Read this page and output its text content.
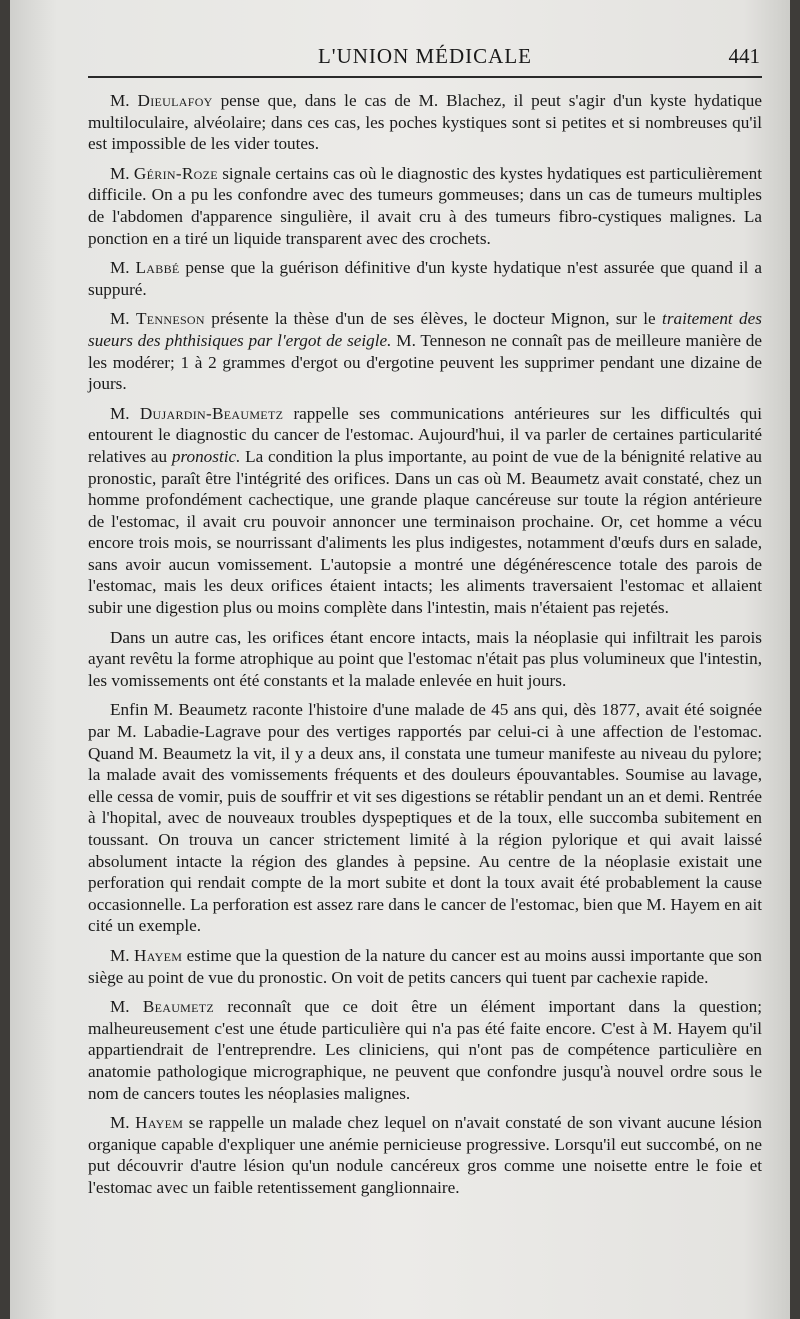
L'UNION MÉDICALE	441

M. Dieulafoy pense que, dans le cas de M. Blachez, il peut s'agir d'un kyste hydatique multiloculaire, alvéolaire; dans ces cas, les poches kystiques sont si petites et si nombreuses qu'il est impossible de les vider toutes.

M. Gérin-Roze signale certains cas où le diagnostic des kystes hydatiques est particulièrement difficile. On a pu les confondre avec des tumeurs gommeuses; dans un cas de tumeurs multiples de l'abdomen d'apparence singulière, il avait cru à des tumeurs fibro-cystiques malignes. La ponction en a tiré un liquide transparent avec des crochets.

M. Labbé pense que la guérison définitive d'un kyste hydatique n'est assurée que quand il a suppuré.

M. Tenneson présente la thèse d'un de ses élèves, le docteur Mignon, sur le traitement des sueurs des phthisiques par l'ergot de seigle. M. Tenneson ne connaît pas de meilleure manière de les modérer; 1 à 2 grammes d'ergot ou d'ergotine peuvent les supprimer pendant une dizaine de jours.

M. Dujardin-Beaumetz rappelle ses communications antérieures sur les difficultés qui entourent le diagnostic du cancer de l'estomac. Aujourd'hui, il va parler de certaines particularité relatives au pronostic. La condition la plus importante, au point de vue de la bénignité relative au pronostic, paraît être l'intégrité des orifices. Dans un cas où M. Beaumetz avait constaté, chez un homme profondément cachectique, une grande plaque cancéreuse sur toute la région antérieure de l'estomac, il avait cru pouvoir annoncer une terminaison prochaine. Or, cet homme a vécu encore trois mois, se nourrissant d'aliments les plus indigestes, notamment d'œufs durs en salade, sans avoir aucun vomissement. L'autopsie a montré une dégénérescence totale des parois de l'estomac, mais les deux orifices étaient intacts; les aliments traversaient l'estomac et allaient subir une digestion plus ou moins complète dans l'intestin, mais n'étaient pas rejetés.

Dans un autre cas, les orifices étant encore intacts, mais la néoplasie qui infiltrait les parois ayant revêtu la forme atrophique au point que l'estomac n'était pas plus volumineux que l'intestin, les vomissements ont été constants et la malade enlevée en huit jours.

Enfin M. Beaumetz raconte l'histoire d'une malade de 45 ans qui, dès 1877, avait été soignée par M. Labadie-Lagrave pour des vertiges rapportés par celui-ci à une affection de l'estomac. Quand M. Beaumetz la vit, il y a deux ans, il constata une tumeur manifeste au niveau du pylore; la malade avait des vomissements fréquents et des douleurs épouvantables. Soumise au lavage, elle cessa de vomir, puis de souffrir et vit ses digestions se rétablir pendant un an et demi. Rentrée à l'hopital, avec de nouveaux troubles dyspeptiques et de la toux, elle succomba subitement en toussant. On trouva un cancer strictement limité à la région pylorique et qui avait laissé absolument intacte la région des glandes à pepsine. Au centre de la néoplasie existait une perforation qui rendait compte de la mort subite et dont la toux avait été probablement la cause occasionnelle. La perforation est assez rare dans le cancer de l'estomac, bien que M. Hayem en ait cité un exemple.

M. Hayem estime que la question de la nature du cancer est au moins aussi importante que son siège au point de vue du pronostic. On voit de petits cancers qui tuent par cachexie rapide.

M. Beaumetz reconnaît que ce doit être un élément important dans la question; malheureusement c'est une étude particulière qui n'a pas été faite encore. C'est à M. Hayem qu'il appartiendrait de l'entreprendre. Les cliniciens, qui n'ont pas de compétence particulière en anatomie pathologique micrographique, ne peuvent que confondre jusqu'à nouvel ordre sous le nom de cancers toutes les néoplasies malignes.

M. Hayem se rappelle un malade chez lequel on n'avait constaté de son vivant aucune lésion organique capable d'expliquer une anémie pernicieuse progressive. Lorsqu'il eut succombé, on ne put découvrir d'autre lésion qu'un nodule cancéreux gros comme une noisette entre le foie et l'estomac avec un faible retentissement ganglionnaire.
